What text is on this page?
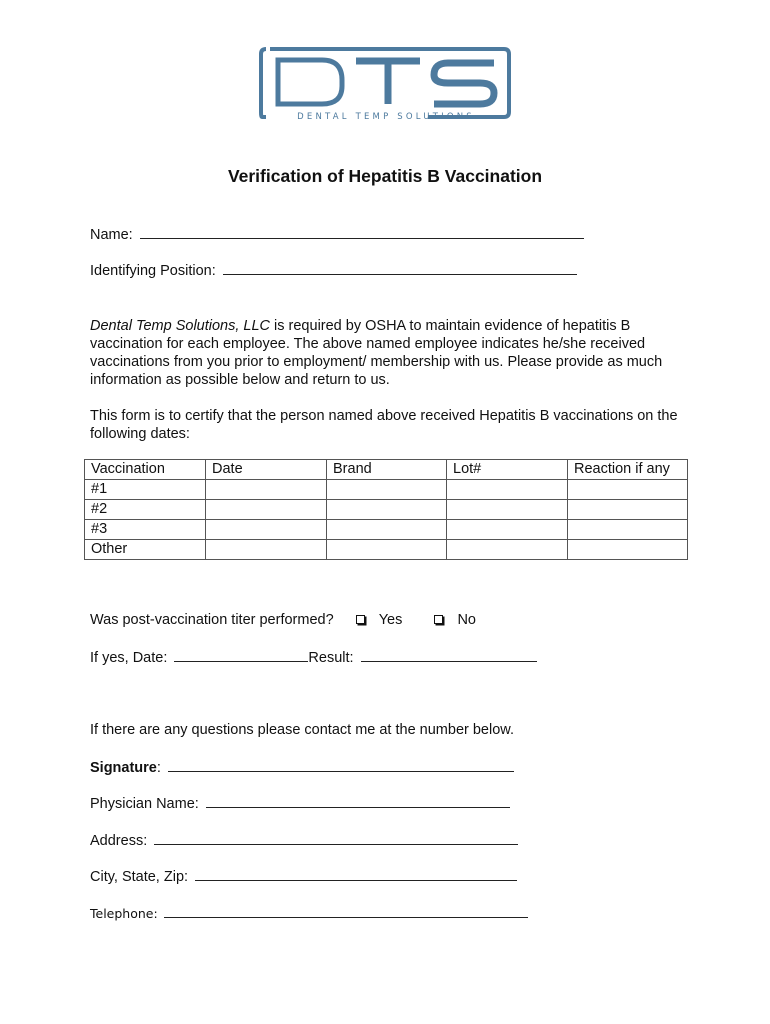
DENTAL TEMP SOLUTIONS
Verification of Hepatitis B Vaccination
Name:
Identifying Position:

Dental Temp Solutions, LLC is required by OSHA to maintain evidence of hepatitis B vaccination for each employee. The above named employee indicates he/she received vaccinations from you prior to employment/ membership with us. Please provide as much information as possible below and return to us.

This form is to certify that the person named above received Hepatitis B vaccinations on the following dates:

Vaccination	Date	Brand	Lot#	Reaction if any
#1				
#2				
#3				
Other				
Was post-vaccination titer performed?	Yes	No
If yes, Date:	Result:
If there are any questions please contact me at the number below.
Signature:
Physician Name:
Address:
City, State, Zip:
Telephone:
